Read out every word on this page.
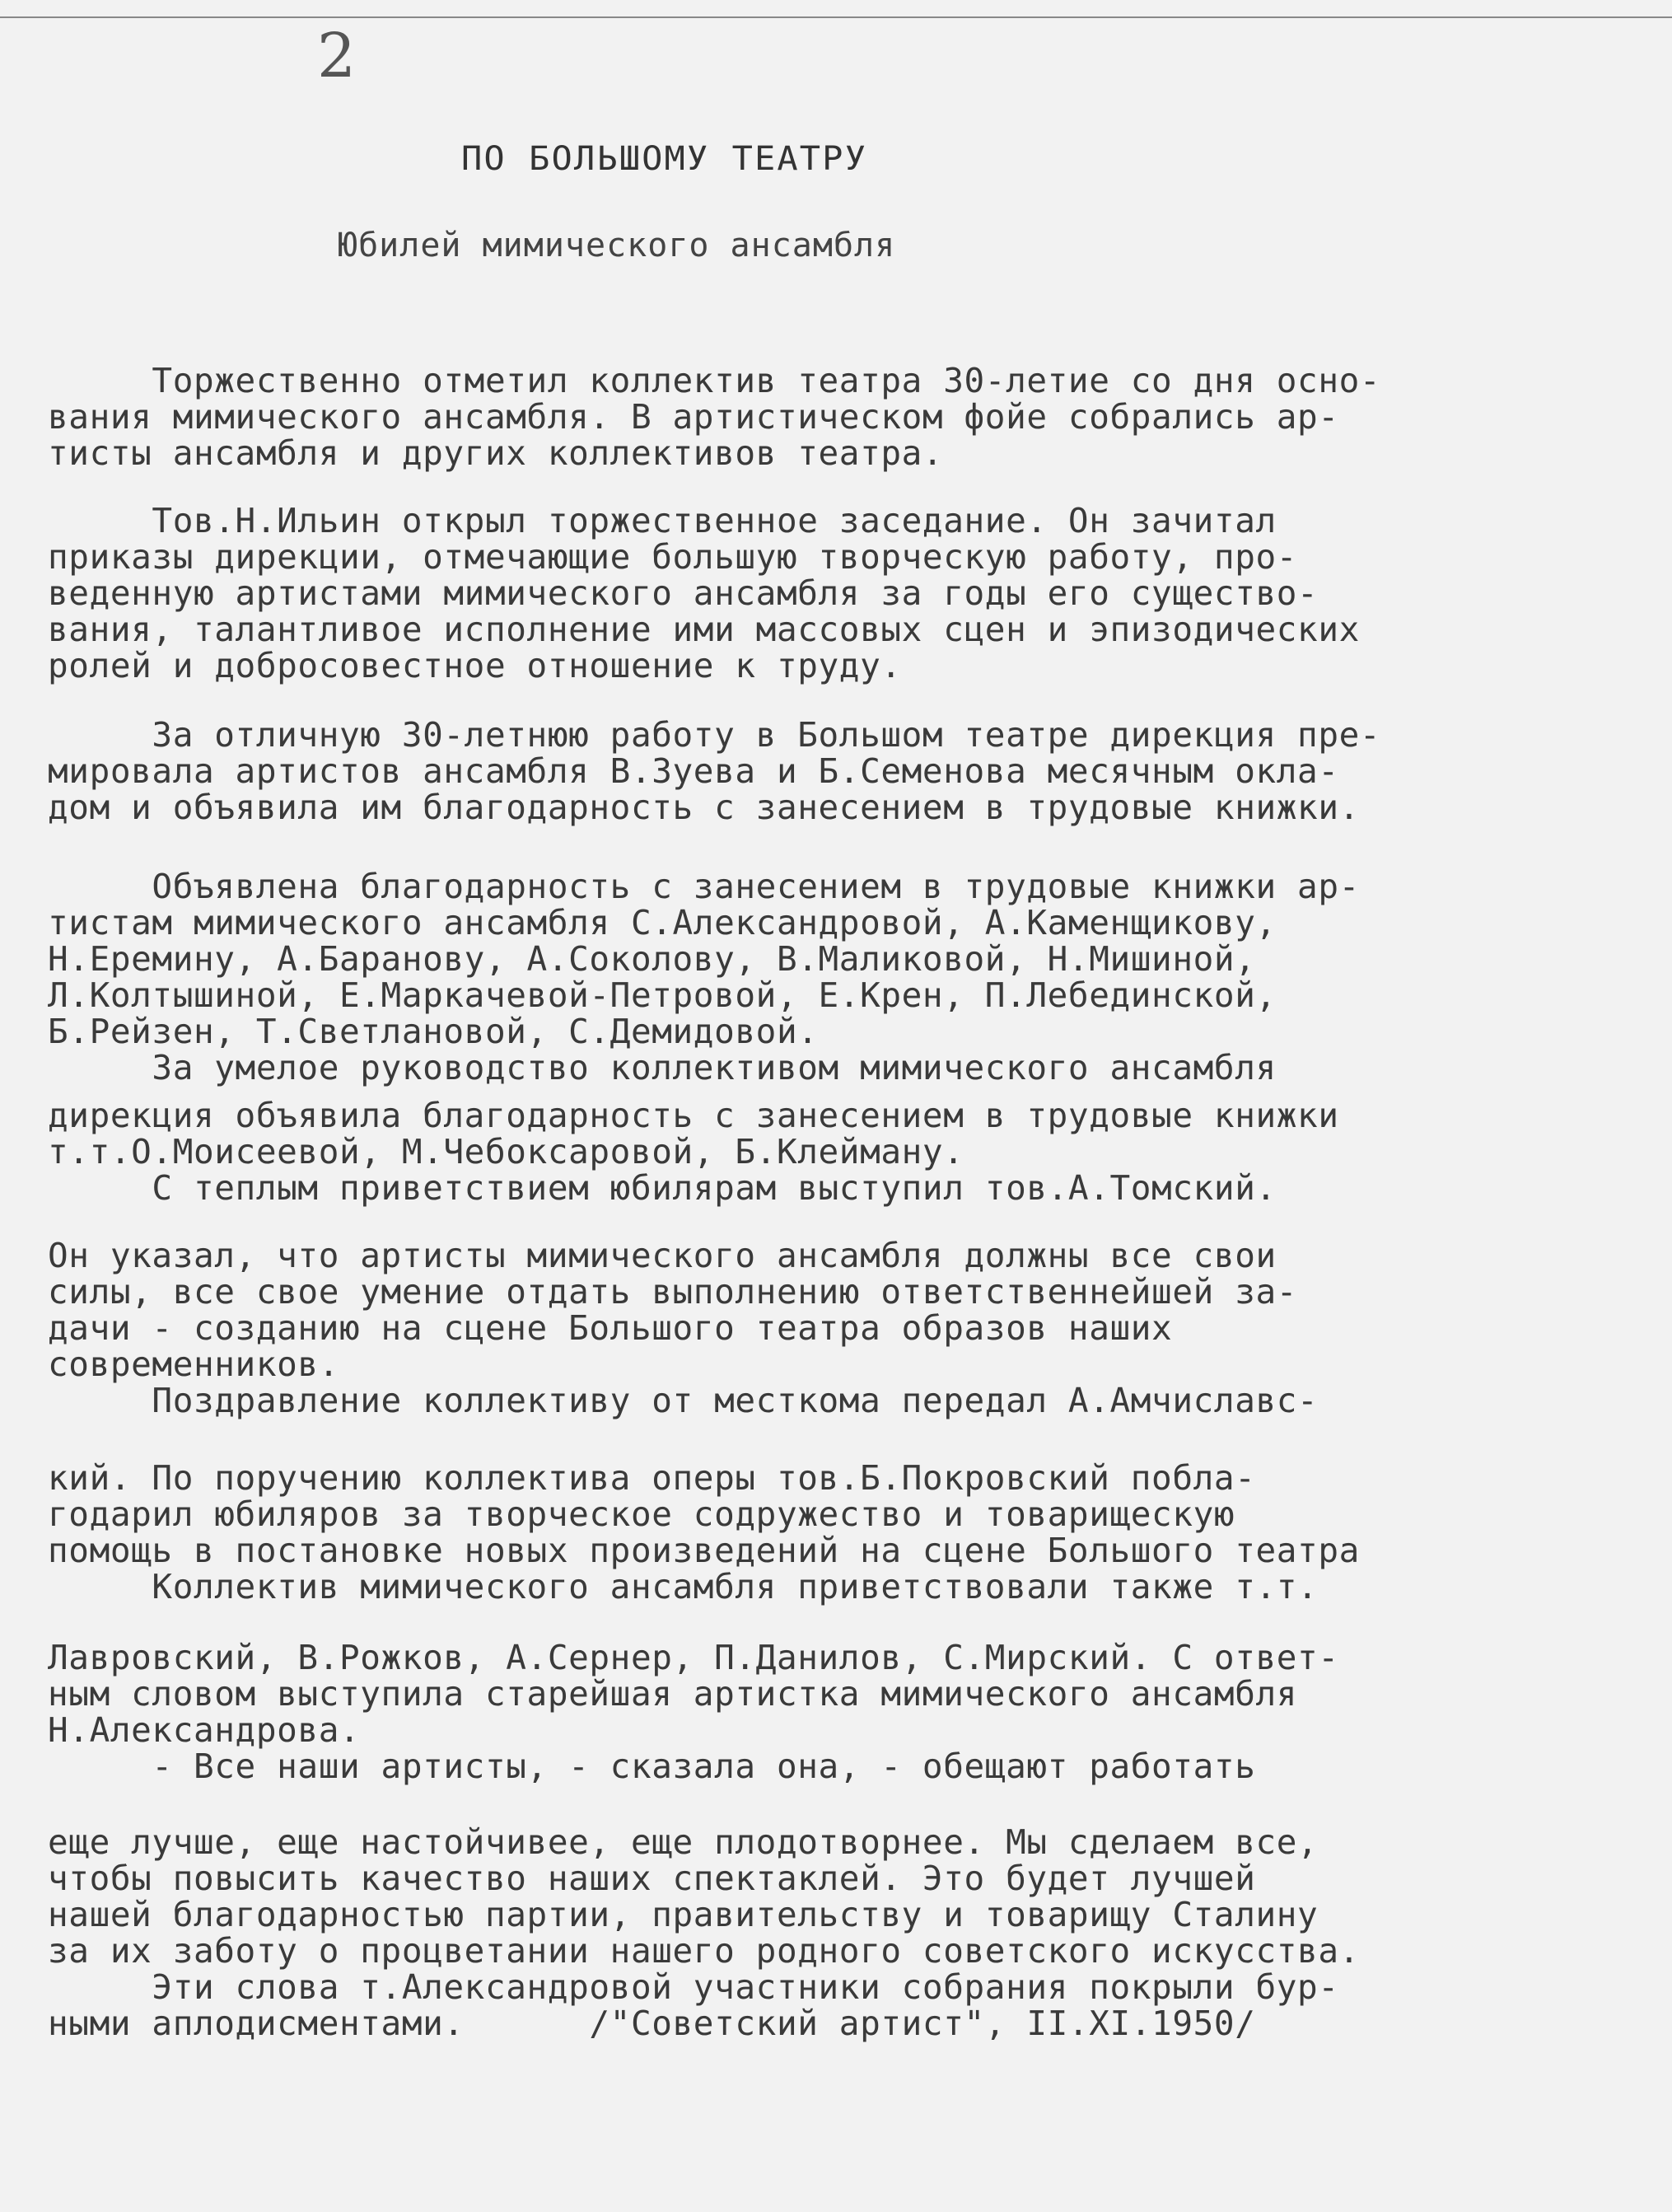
2
ПО БОЛЬШОМУ ТЕАТРУ
Юбилей мимического ансамбля
Торжественно отметил коллектив театра 30-летие со дня осно-
вания мимического ансамбля. В артистическом фойе собрались ар-
тисты ансамбля и других коллективов театра.
Тов.Н.Ильин открыл торжественное заседание. Он зачитал
приказы дирекции, отмечающие большую творческую работу, про-
веденную артистами мимического ансамбля за годы его существо-
вания, талантливое исполнение ими массовых сцен и эпизодических
ролей и добросовестное отношение к труду.
За отличную 30-летнюю работу в Большом театре дирекция пре-
мировала артистов ансамбля В.Зуева и Б.Семенова месячным окла-
дом и объявила им благодарность с занесением в трудовые книжки.
Объявлена благодарность с занесением в трудовые книжки ар-
тистам мимического ансамбля С.Александровой, А.Каменщикову,
Н.Еремину, А.Баранову, А.Соколову, В.Маликовой, Н.Мишиной,
Л.Колтышиной, Е.Маркачевой-Петровой, Е.Крен, П.Лебединской,
Б.Рейзен, Т.Светлановой, С.Демидовой.
За умелое руководство коллективом мимического ансамбля
дирекция объявила благодарность с занесением в трудовые книжки
т.т.О.Моисеевой, М.Чебоксаровой, Б.Клейману.
С теплым приветствием юбилярам выступил тов.А.Томский.
Он указал, что артисты мимического ансамбля должны все свои
силы, все свое умение отдать выполнению ответственнейшей за-
дачи - созданию на сцене Большого театра образов наших
современников.
Поздравление коллективу от месткома передал А.Амчиславс-
кий. По поручению коллектива оперы тов.Б.Покровский побла-
годарил юбиляров за творческое содружество и товарищескую
помощь в постановке новых произведений на сцене Большого театра
Коллектив мимического ансамбля приветствовали также т.т.
Лавровский, В.Рожков, А.Сернер, П.Данилов, С.Мирский. С ответ-
ным словом выступила старейшая артистка мимического ансамбля
Н.Александрова.
- Все наши артисты, - сказала она, - обещают работать
еще лучше, еще настойчивее, еще плодотворнее. Мы сделаем все,
чтобы повысить качество наших спектаклей. Это будет лучшей
нашей благодарностью партии, правительству и товарищу Сталину
за их заботу о процветании нашего родного советского искусства.
Эти слова т.Александровой участники собрания покрыли бур-
ными аплодисментами.      /"Советский артист", II.XI.1950/
